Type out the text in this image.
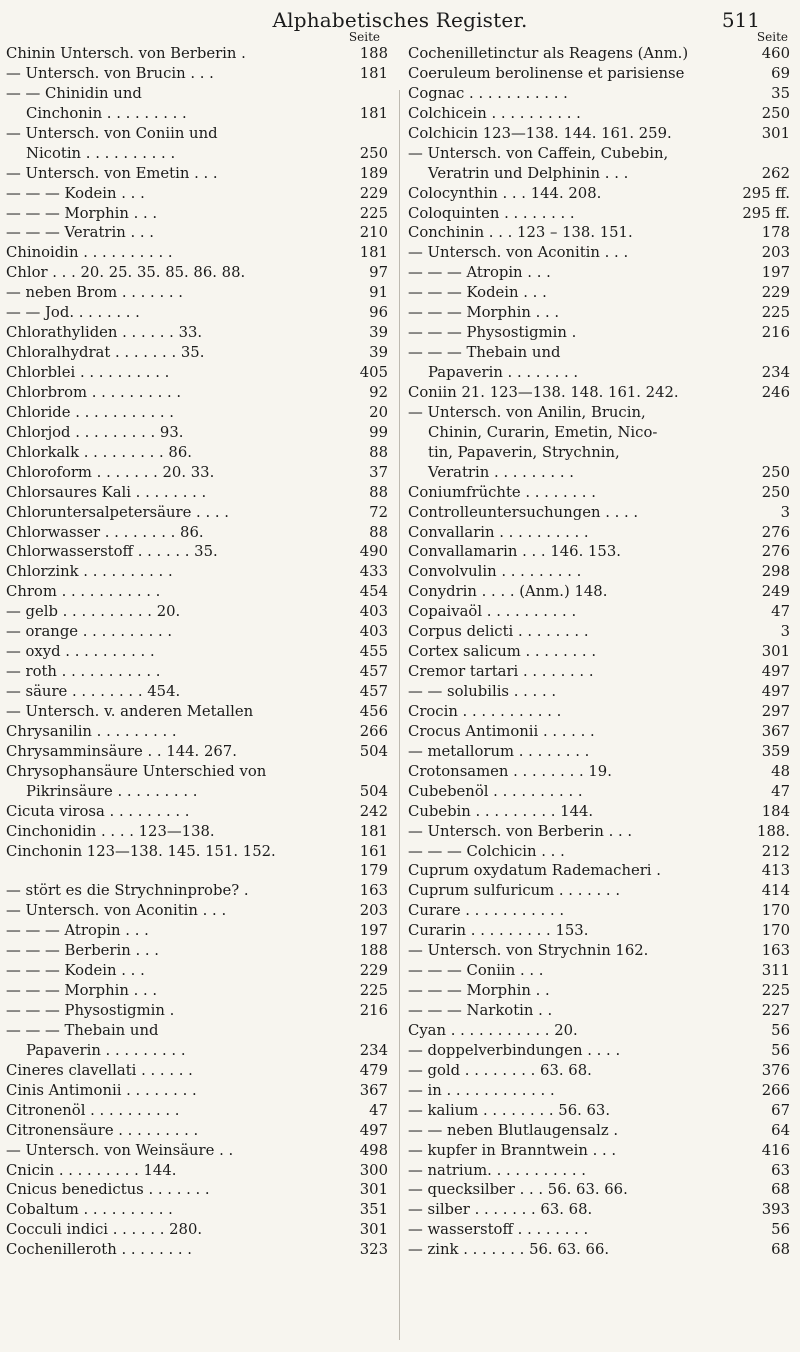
Alphabetisches Register.	511
Seite
Chinin Untersch. von Berberin .	188
— Untersch. von Brucin . . .	181
— — Chinidin und
Cinchonin . . . . . . . . .	181
— Untersch. von Coniin und
Nicotin . . . . . . . . . .	250
— Untersch. von Emetin . . .	189
— — — Kodein . . .	229
— — — Morphin . . .	225
— — — Veratrin . . .	210
Chinoidin . . . . . . . . . .	181
Chlor . . . 20. 25. 35. 85. 86. 88.	97
— neben Brom . . . . . . .	91
— — Jod. . . . . . . .	96
Chlorathyliden . . . . . . 33.	39
Chloralhydrat . . . . . . . 35.	39
Chlorblei . . . . . . . . . .	405
Chlorbrom . . . . . . . . . .	92
Chloride . . . . . . . . . . .	20
Chlorjod . . . . . . . . . 93.	99
Chlorkalk . . . . . . . . . 86.	88
Chloroform . . . . . . . 20. 33.	37
Chlorsaures Kali . . . . . . . .	88
Chloruntersalpetersäure . . . .	72
Chlorwasser . . . . . . . . 86.	88
Chlorwasserstoff . . . . . . 35.	490
Chlorzink . . . . . . . . . .	433
Chrom . . . . . . . . . . .	454
— gelb . . . . . . . . . . 20.	403
— orange . . . . . . . . . .	403
— oxyd . . . . . . . . . .	455
— roth . . . . . . . . . . .	457
— säure . . . . . . . . 454.	457
— Untersch. v. anderen Metallen	456
Chrysanilin . . . . . . . . .	266
Chrysamminsäure . . 144. 267.	504
Chrysophansäure Unterschied von
Pikrinsäure . . . . . . . . .	504
Cicuta virosa . . . . . . . . .	242
Cinchonidin . . . . 123—138.	181
Cinchonin 123—138. 145. 151. 152.	161
179
— stört es die Strychninprobe? .	163
— Untersch. von Aconitin . . .	203
— — — Atropin . . .	197
— — — Berberin . . .	188
— — — Kodein . . .	229
— — — Morphin . . .	225
— — — Physostigmin .	216
— — — Thebain und
Papaverin . . . . . . . . .	234
Cineres clavellati . . . . . .	479
Cinis Antimonii . . . . . . . .	367
Citronenöl . . . . . . . . . .	47
Citronensäure . . . . . . . . .	497
— Untersch. von Weinsäure . .	498
Cnicin . . . . . . . . . 144.	300
Cnicus benedictus . . . . . . .	301
Cobaltum . . . . . . . . . .	351
Cocculi indici . . . . . . 280.	301
Cochenilleroth . . . . . . . .	323
Seite
Cochenilletinctur als Reagens (Anm.)	460
Coeruleum berolinense et parisiense	69
Cognac . . . . . . . . . . .	35
Colchicein . . . . . . . . . .	250
Colchicin 123—138. 144. 161. 259.	301
— Untersch. von Caffein, Cubebin,
Veratrin und Delphinin . . .	262
Colocynthin . . . 144. 208.	295 ff.
Coloquinten . . . . . . . .	295 ff.
Conchinin . . . 123 – 138. 151.	178
— Untersch. von Aconitin . . .	203
— — — Atropin . . .	197
— — — Kodein . . .	229
— — — Morphin . . .	225
— — — Physostigmin .	216
— — — Thebain und
Papaverin . . . . . . . .	234
Coniin 21. 123—138. 148. 161. 242.	246
— Untersch. von Anilin, Brucin,
Chinin, Curarin, Emetin, Nico-
tin, Papaverin, Strychnin,
Veratrin . . . . . . . . .	250
Coniumfrüchte . . . . . . . .	250
Controlleuntersuchungen . . . .	3
Convallarin . . . . . . . . . .	276
Convallamarin . . . 146. 153.	276
Convolvulin . . . . . . . . .	298
Conydrin . . . . (Anm.) 148.	249
Copaivaöl . . . . . . . . . .	47
Corpus delicti . . . . . . . .	3
Cortex salicum . . . . . . . .	301
Cremor tartari . . . . . . . .	497
— — solubilis . . . . .	497
Crocin . . . . . . . . . . .	297
Crocus Antimonii . . . . . .	367
— metallorum . . . . . . . .	359
Crotonsamen . . . . . . . . 19.	48
Cubebenöl . . . . . . . . . .	47
Cubebin . . . . . . . . . 144.	184
— Untersch. von Berberin . . .	188.
— — — Colchicin . . .	212
Cuprum oxydatum Rademacheri .	413
Cuprum sulfuricum . . . . . . .	414
Curare . . . . . . . . . . .	170
Curarin . . . . . . . . . 153.	170
— Untersch. von Strychnin 162.	163
— — — Coniin . . .	311
— — — Morphin . .	225
— — — Narkotin . .	227
Cyan . . . . . . . . . . . 20.	56
— doppelverbindungen . . . .	56
— gold . . . . . . . . 63. 68.	376
— in . . . . . . . . . . . .	266
— kalium . . . . . . . . 56. 63.	67
— — neben Blutlaugensalz .	64
— kupfer in Branntwein . . .	416
— natrium. . . . . . . . . . .	63
— quecksilber . . . 56. 63. 66.	68
— silber . . . . . . . 63. 68.	393
— wasserstoff . . . . . . . .	56
— zink . . . . . . . 56. 63. 66.	68
